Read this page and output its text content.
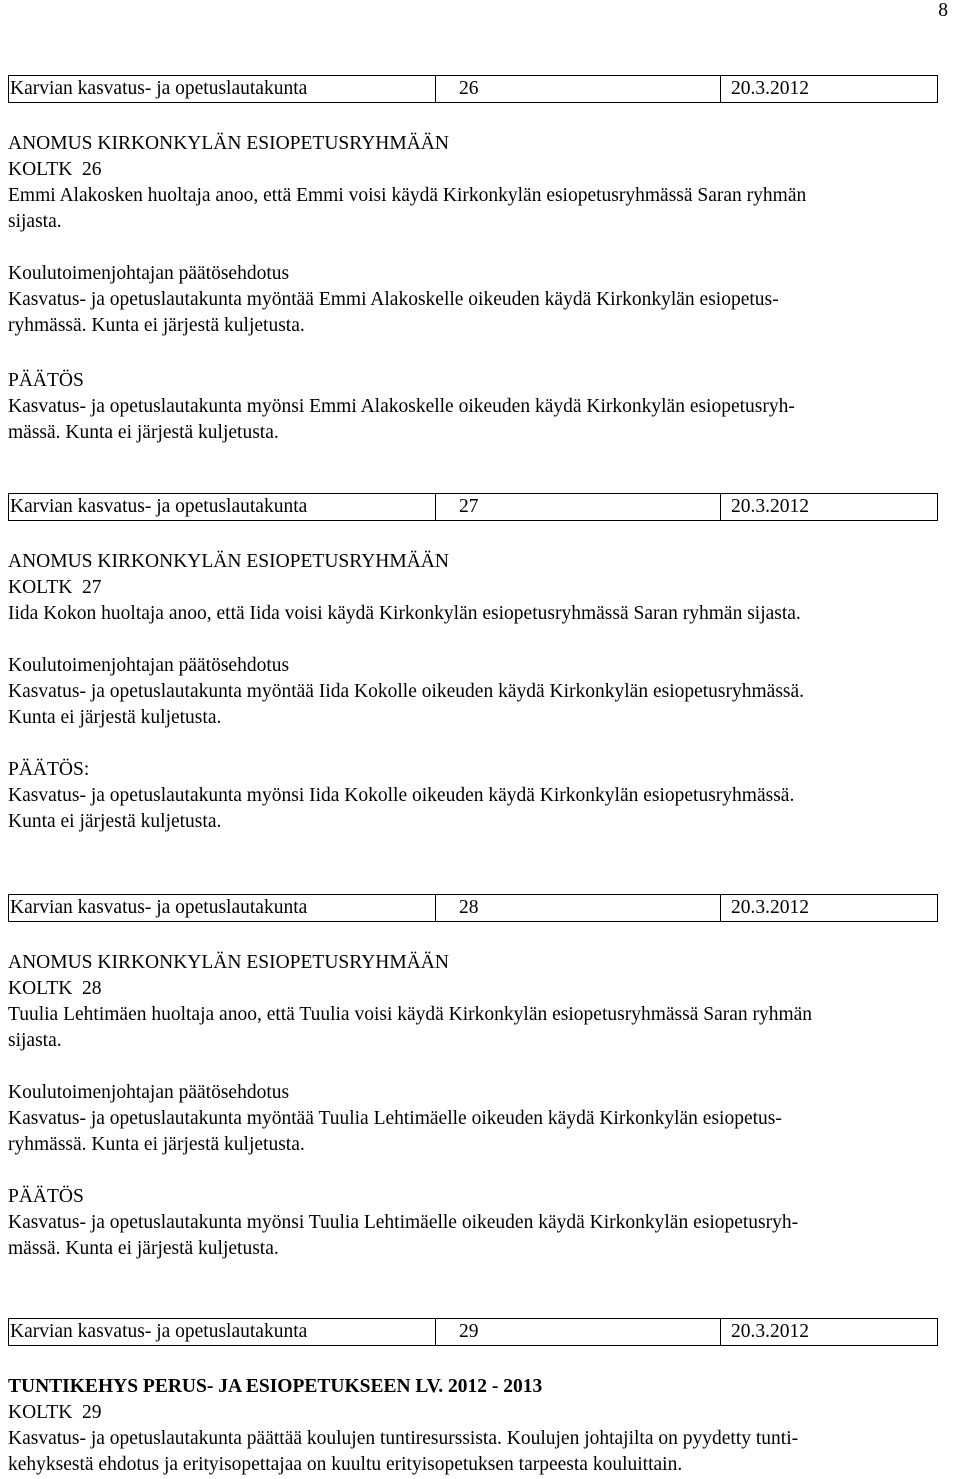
8
Karvian kasvatus- ja opetuslautakunta	26	20.3.2012
ANOMUS KIRKONKYLÄN ESIOPETUSRYHMÄÄN
KOLTK  26
Emmi Alakosken huoltaja anoo, että Emmi voisi käydä Kirkonkylän esiopetusryhmässä Saran ryhmän
sijasta.
Koulutoimenjohtajan päätösehdotus
Kasvatus- ja opetuslautakunta myöntää Emmi Alakoskelle oikeuden käydä Kirkonkylän esiopetus-
ryhmässä. Kunta ei järjestä kuljetusta.
PÄÄTÖS
Kasvatus- ja opetuslautakunta myönsi Emmi Alakoskelle oikeuden käydä Kirkonkylän esiopetusryh-
mässä. Kunta ei järjestä kuljetusta.
Karvian kasvatus- ja opetuslautakunta	27	20.3.2012
ANOMUS KIRKONKYLÄN ESIOPETUSRYHMÄÄN
KOLTK  27
Iida Kokon huoltaja anoo, että Iida voisi käydä Kirkonkylän esiopetusryhmässä Saran ryhmän sijasta.
Koulutoimenjohtajan päätösehdotus
Kasvatus- ja opetuslautakunta myöntää Iida Kokolle oikeuden käydä Kirkonkylän esiopetusryhmässä.
Kunta ei järjestä kuljetusta.
PÄÄTÖS:
Kasvatus- ja opetuslautakunta myönsi Iida Kokolle oikeuden käydä Kirkonkylän esiopetusryhmässä.
Kunta ei järjestä kuljetusta.
Karvian kasvatus- ja opetuslautakunta	28	20.3.2012
ANOMUS KIRKONKYLÄN ESIOPETUSRYHMÄÄN
KOLTK  28
Tuulia Lehtimäen huoltaja anoo, että Tuulia voisi käydä Kirkonkylän esiopetusryhmässä Saran ryhmän
sijasta.
Koulutoimenjohtajan päätösehdotus
Kasvatus- ja opetuslautakunta myöntää Tuulia Lehtimäelle oikeuden käydä Kirkonkylän esiopetus-
ryhmässä. Kunta ei järjestä kuljetusta.
PÄÄTÖS
Kasvatus- ja opetuslautakunta myönsi Tuulia Lehtimäelle oikeuden käydä Kirkonkylän esiopetusryh-
mässä. Kunta ei järjestä kuljetusta.
Karvian kasvatus- ja opetuslautakunta	29	20.3.2012
TUNTIKEHYS PERUS- JA ESIOPETUKSEEN LV. 2012 - 2013
KOLTK  29
Kasvatus- ja opetuslautakunta päättää koulujen tuntiresurssista. Koulujen johtajilta on pyydetty tunti-
kehyksestä ehdotus ja erityisopettajaa on kuultu erityisopetuksen tarpeesta kouluittain.
